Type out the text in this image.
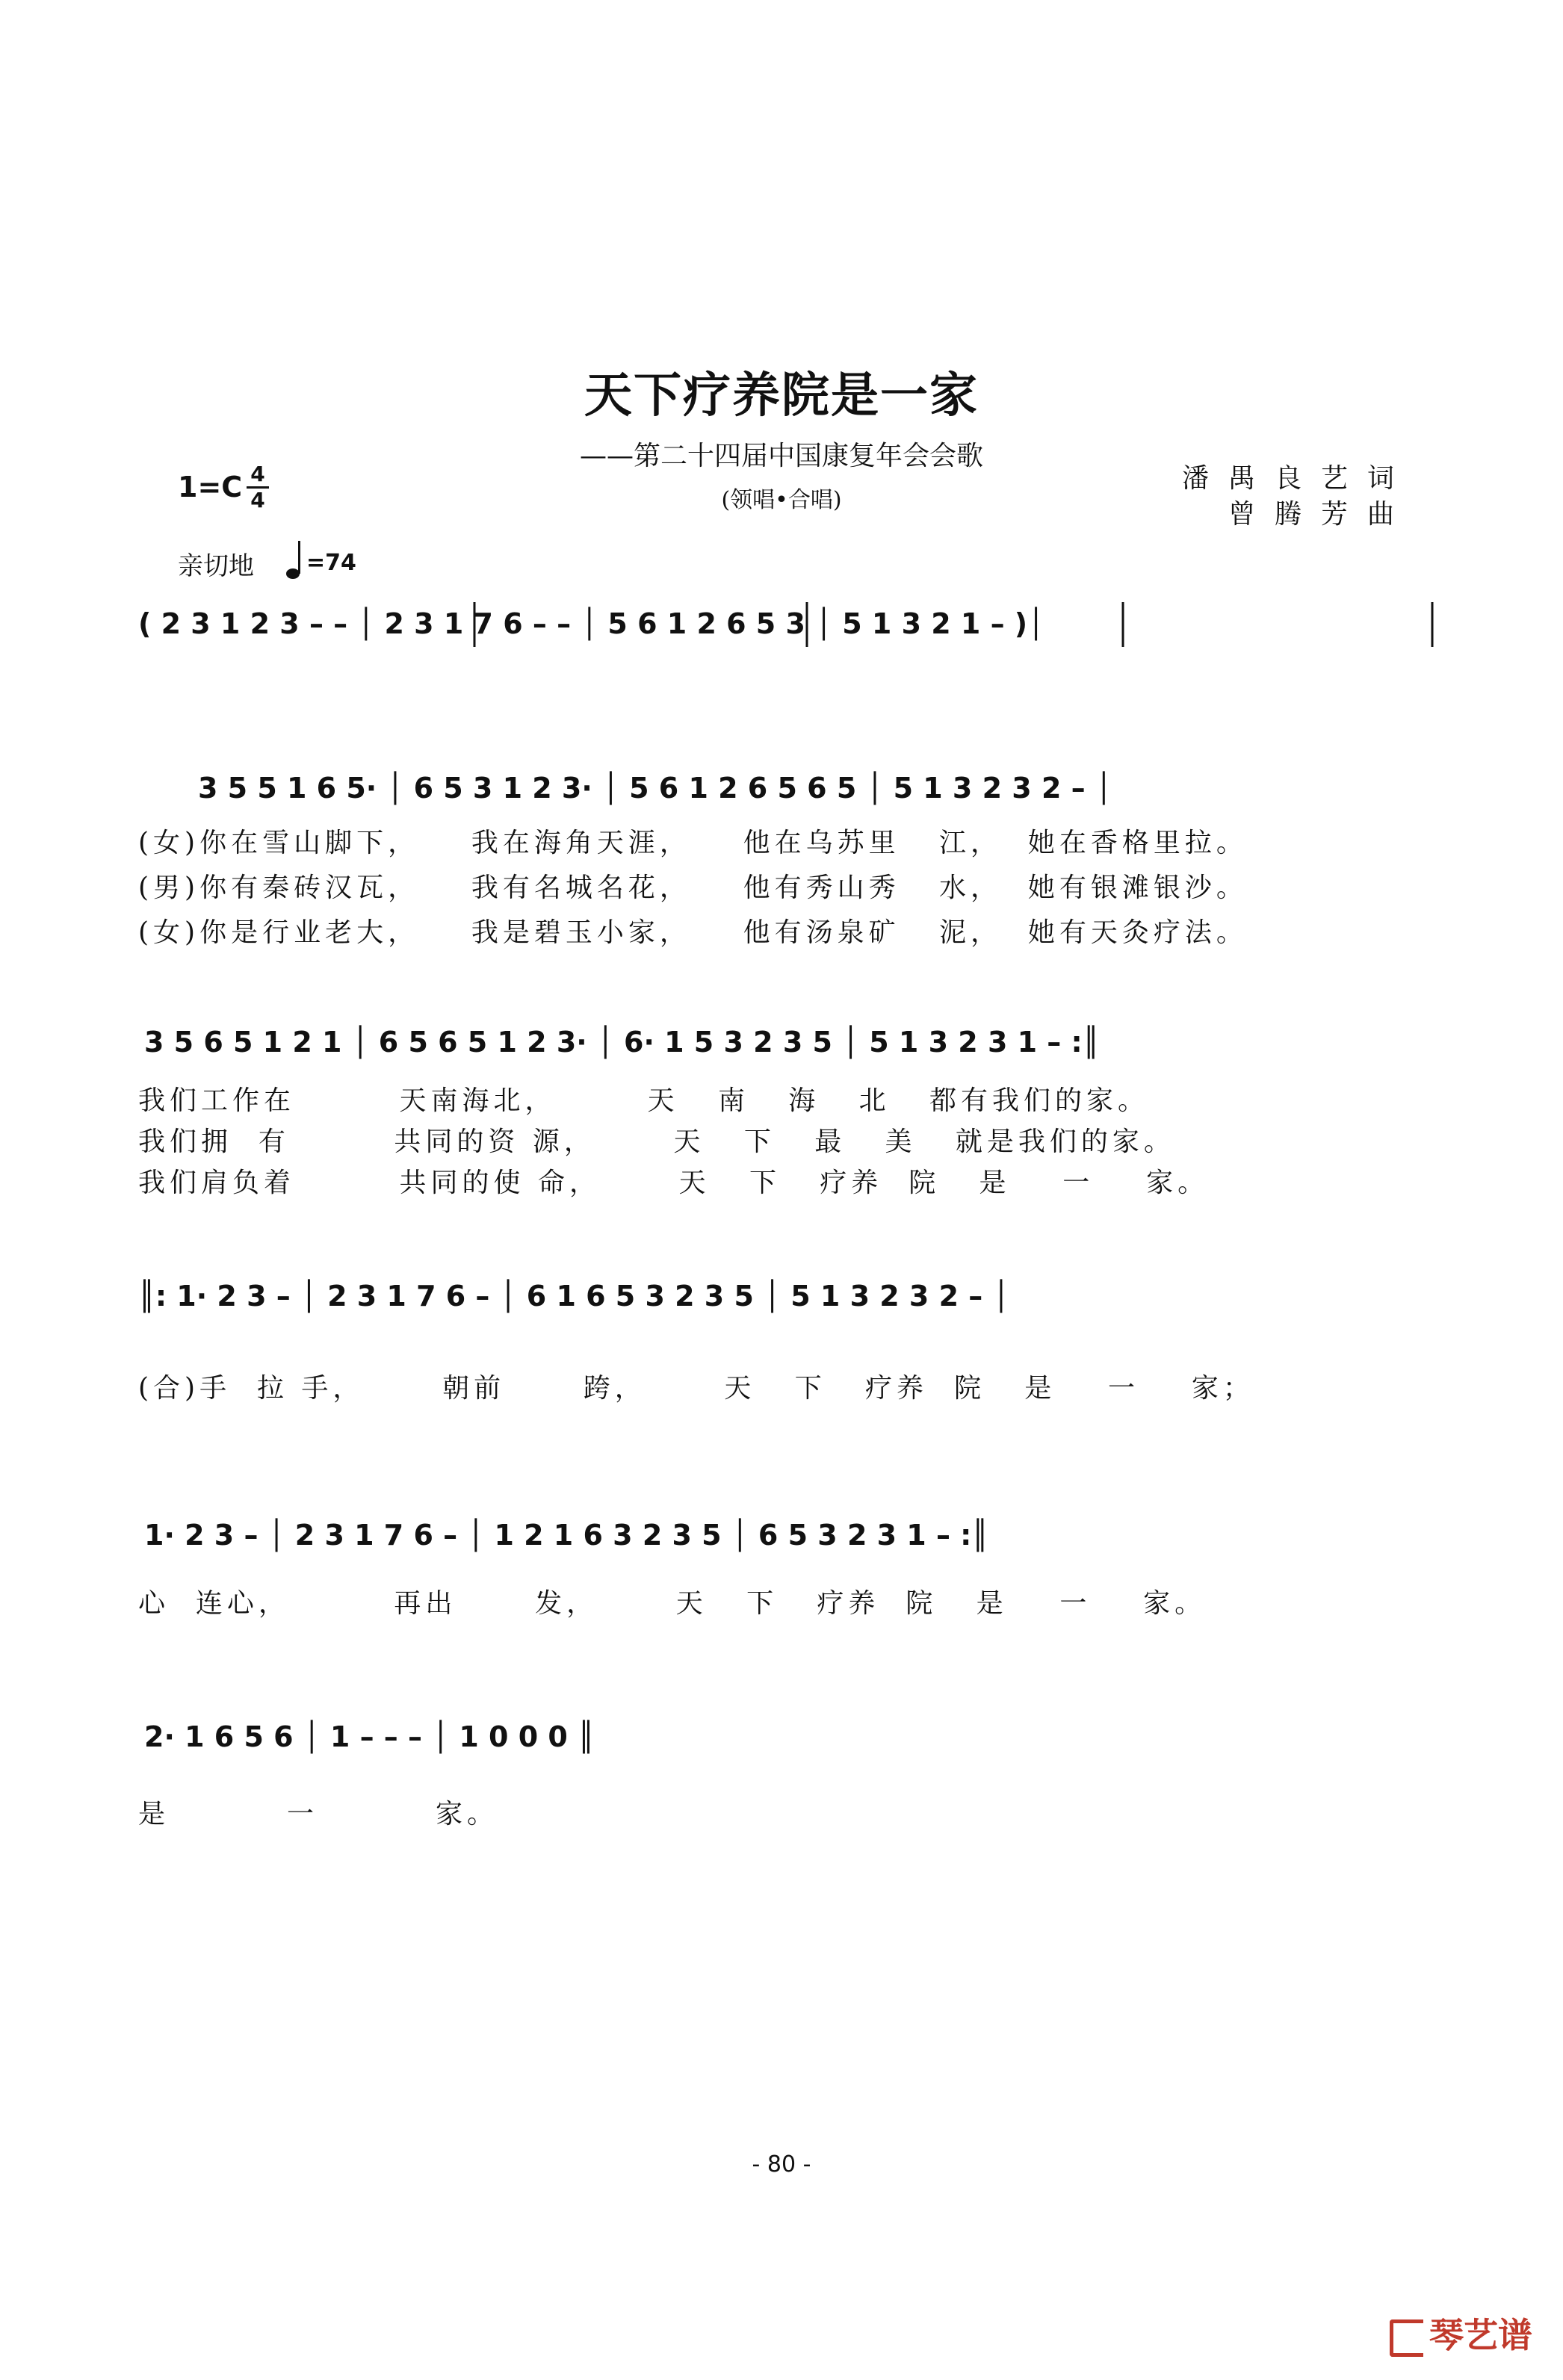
天下疗养院是一家
——第二十四届中国康复年会会歌
(领唱•合唱)
潘禺良艺词
曾腾芳曲
1=C 4
4
亲切地 =74
( 2 3 1 2 3 – – │ 2 3 1 7 6 – – │ 5 6 1 2 6 5 3 │ 5 1 3 2 1 – )│
3 5 5 1 6 5· │ 6 5 3 1 2 3· │ 5 6 1 2 6 5 6 5 │ 5 1 3 2 3 2 – │
(女)你在雪山脚下，    我在海角天涯，    他在乌苏里   江，  她在香格里拉。
(男)你有秦砖汉瓦，    我有名城名花，    他有秀山秀   水，  她有银滩银沙。
(女)你是行业老大，    我是碧玉小家，    他有汤泉矿   泥，  她有天灸疗法。
3 5 6 5 1 2 1 │ 6 5 6 5 1 2 3· │ 6· 1 5 3 2 3 5 │ 5 1 3 2 3 1 – :║
我们工作在        天南海北，       天   南   海   北   都有我们的家。
我们拥  有        共同的资 源，      天   下   最   美   就是我们的家。
我们肩负着        共同的使 命，      天   下   疗养  院   是    一    家。
║: 1· 2 3 – │ 2 3 1 7 6 – │ 6 1 6 5 3 2 3 5 │ 5 1 3 2 3 2 – │
(合)手  拉 手，      朝前      跨，      天   下   疗养  院   是    一    家；
1· 2 3 – │ 2 3 1 7 6 – │ 1 2 1 6 3 2 3 5 │ 6 5 3 2 3 1 – :║
心  连心，        再出      发，      天   下   疗养  院   是    一    家。
2· 1 6 5 6 │ 1 – – – │ 1 0 0 0 ║
是         一         家。
- 80 -
琴艺谱
